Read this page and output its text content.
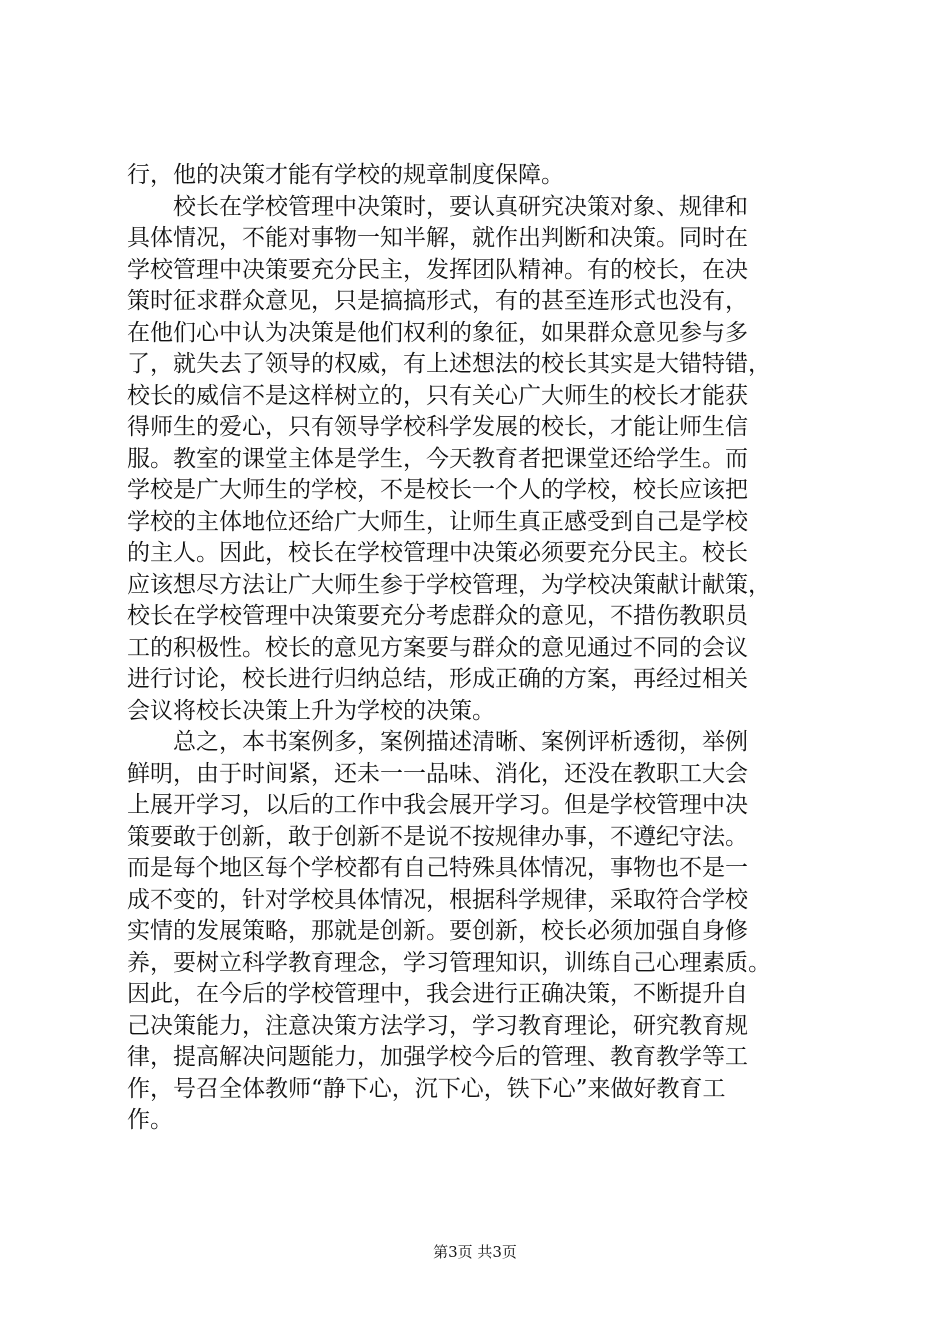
行，他的决策才能有学校的规章制度保障。
　　校长在学校管理中决策时，要认真研究决策对象、规律和
具体情况，不能对事物一知半解，就作出判断和决策。同时在
学校管理中决策要充分民主，发挥团队精神。有的校长，在决
策时征求群众意见，只是搞搞形式，有的甚至连形式也没有，
在他们心中认为决策是他们权利的象征，如果群众意见参与多
了，就失去了领导的权威，有上述想法的校长其实是大错特错，
校长的威信不是这样树立的，只有关心广大师生的校长才能获
得师生的爱心，只有领导学校科学发展的校长，才能让师生信
服。教室的课堂主体是学生，今天教育者把课堂还给学生。而
学校是广大师生的学校，不是校长一个人的学校，校长应该把
学校的主体地位还给广大师生，让师生真正感受到自己是学校
的主人。因此，校长在学校管理中决策必须要充分民主。校长
应该想尽方法让广大师生参于学校管理，为学校决策献计献策，
校长在学校管理中决策要充分考虑群众的意见，不措伤教职员
工的积极性。校长的意见方案要与群众的意见通过不同的会议
进行讨论，校长进行归纳总结，形成正确的方案，再经过相关
会议将校长决策上升为学校的决策。
　　总之，本书案例多，案例描述清晰、案例评析透彻，举例
鲜明，由于时间紧，还未一一品味、消化，还没在教职工大会
上展开学习，以后的工作中我会展开学习。但是学校管理中决
策要敢于创新，敢于创新不是说不按规律办事，不遵纪守法。
而是每个地区每个学校都有自己特殊具体情况，事物也不是一
成不变的，针对学校具体情况，根据科学规律，采取符合学校
实情的发展策略，那就是创新。要创新，校长必须加强自身修
养，要树立科学教育理念，学习管理知识，训练自己心理素质。
因此，在今后的学校管理中，我会进行正确决策，不断提升自
己决策能力，注意决策方法学习，学习教育理论，研究教育规
律，提高解决问题能力，加强学校今后的管理、教育教学等工
作，号召全体教师“静下心，沉下心，铁下心”来做好教育工
作。
第3页 共3页
